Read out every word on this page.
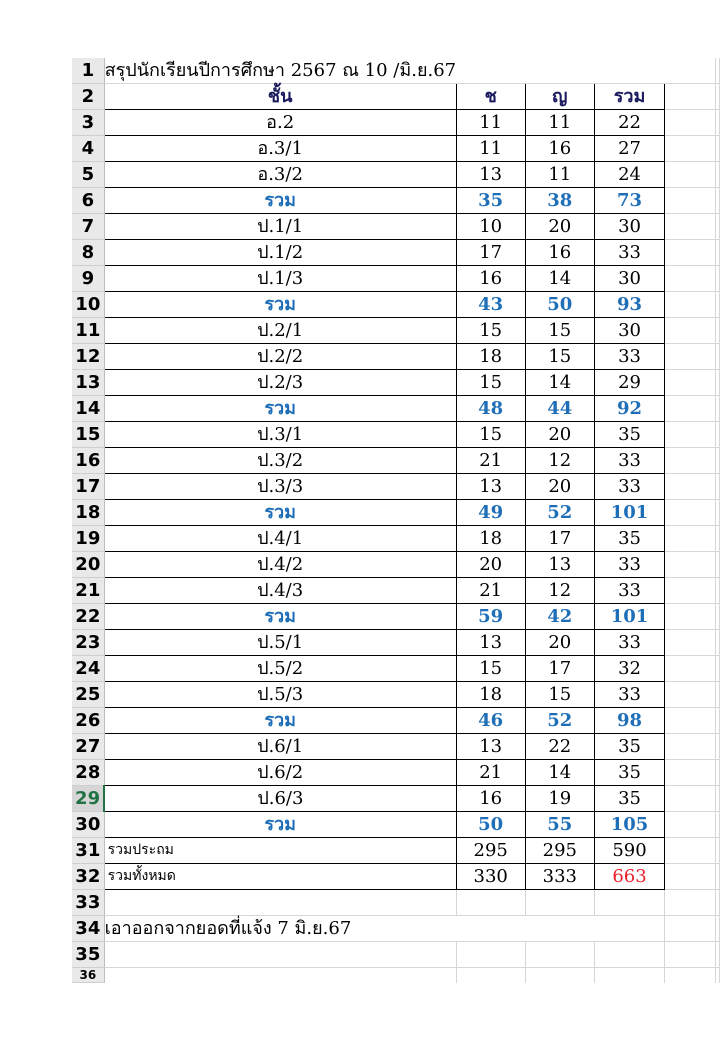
1	สรุปนักเรียนปีการศึกษา 2567 ณ 10 /มิ.ย.67					
2	ชั้น	ช	ญ	รวม		
3	อ.2	11	11	22		
4	อ.3/1	11	16	27		
5	อ.3/2	13	11	24		
6	รวม	35	38	73		
7	ป.1/1	10	20	30		
8	ป.1/2	17	16	33		
9	ป.1/3	16	14	30		
10	รวม	43	50	93		
11	ป.2/1	15	15	30		
12	ป.2/2	18	15	33		
13	ป.2/3	15	14	29		
14	รวม	48	44	92		
15	ป.3/1	15	20	35		
16	ป.3/2	21	12	33		
17	ป.3/3	13	20	33		
18	รวม	49	52	101		
19	ป.4/1	18	17	35		
20	ป.4/2	20	13	33		
21	ป.4/3	21	12	33		
22	รวม	59	42	101		
23	ป.5/1	13	20	33		
24	ป.5/2	15	17	32		
25	ป.5/3	18	15	33		
26	รวม	46	52	98		
27	ป.6/1	13	22	35		
28	ป.6/2	21	14	35		
29	ป.6/3	16	19	35		
30	รวม	50	55	105		
31	รวมประถม	295	295	590		
32	รวมทั้งหมด	330	333	663		
33						
34	เอาออกจากยอดที่แจ้ง 7 มิ.ย.67					
35						
36						
